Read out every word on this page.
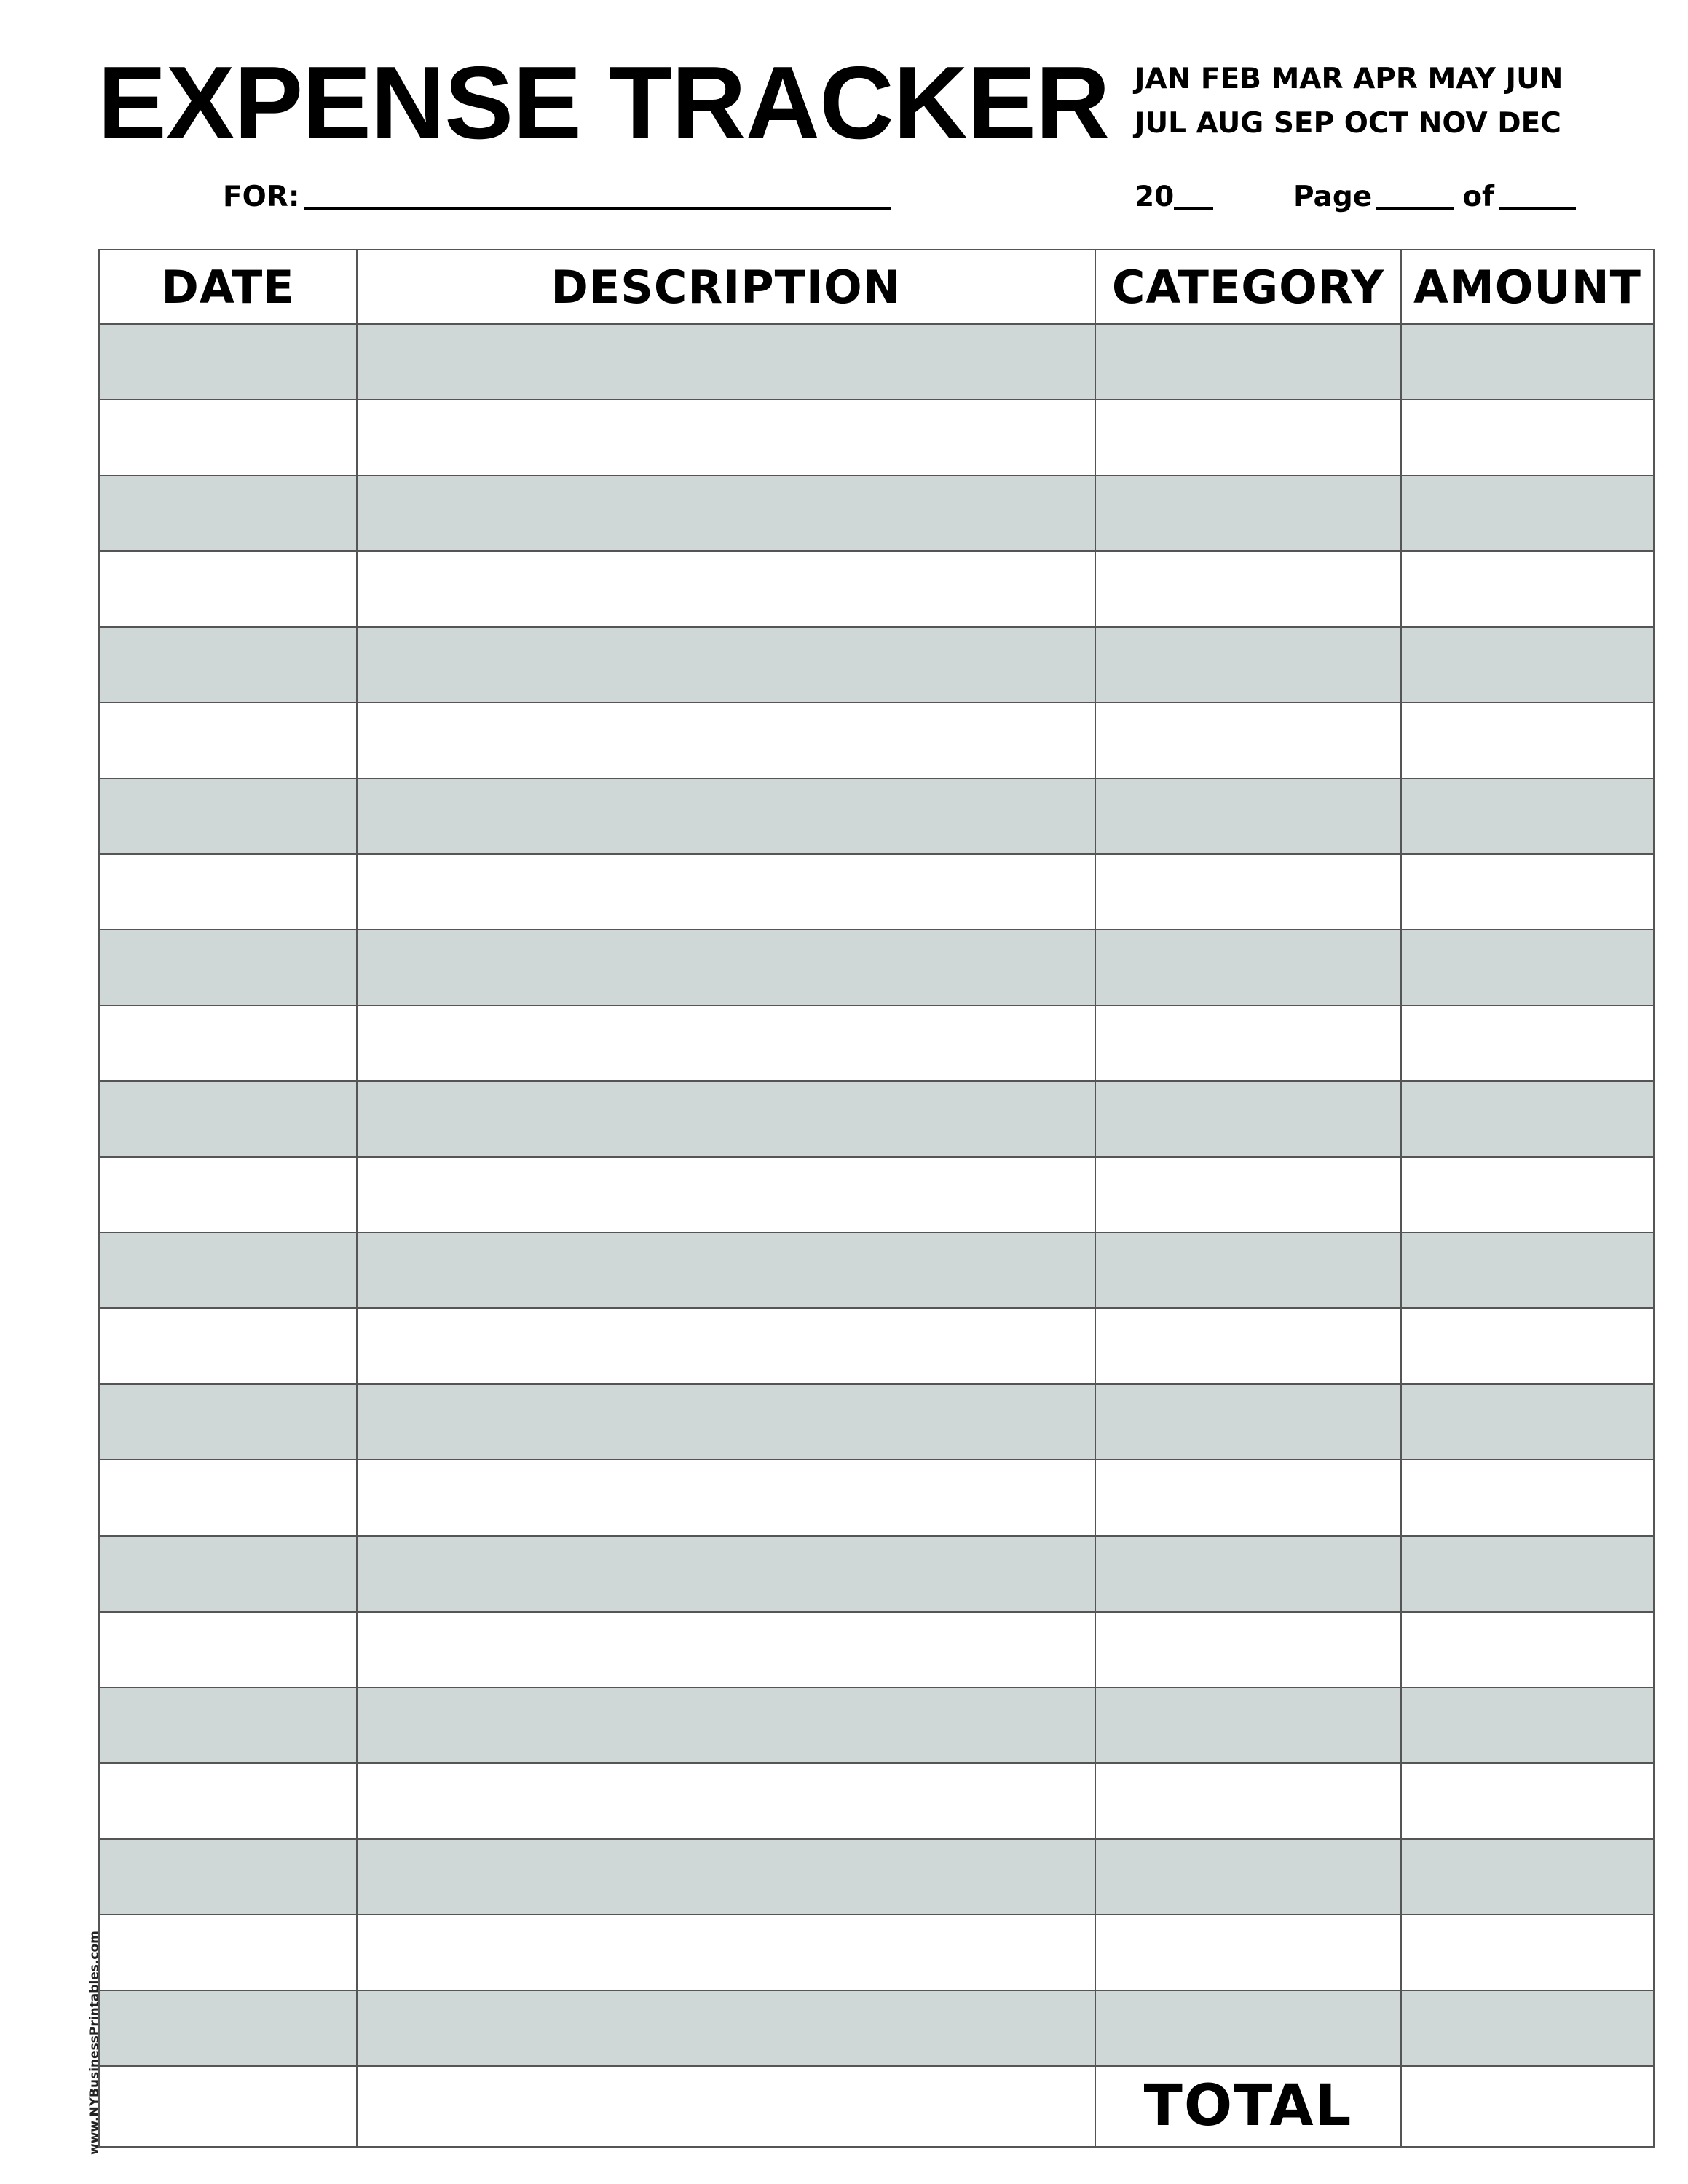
EXPENSE TRACKER JAN FEB MAR APR MAY JUN
JUL AUG SEP OCT NOV DEC
FOR:	20	Page	of
DATE	DESCRIPTION	CATEGORY	AMOUNT

		TOTAL	
www.NYBusinessPrintables.com
